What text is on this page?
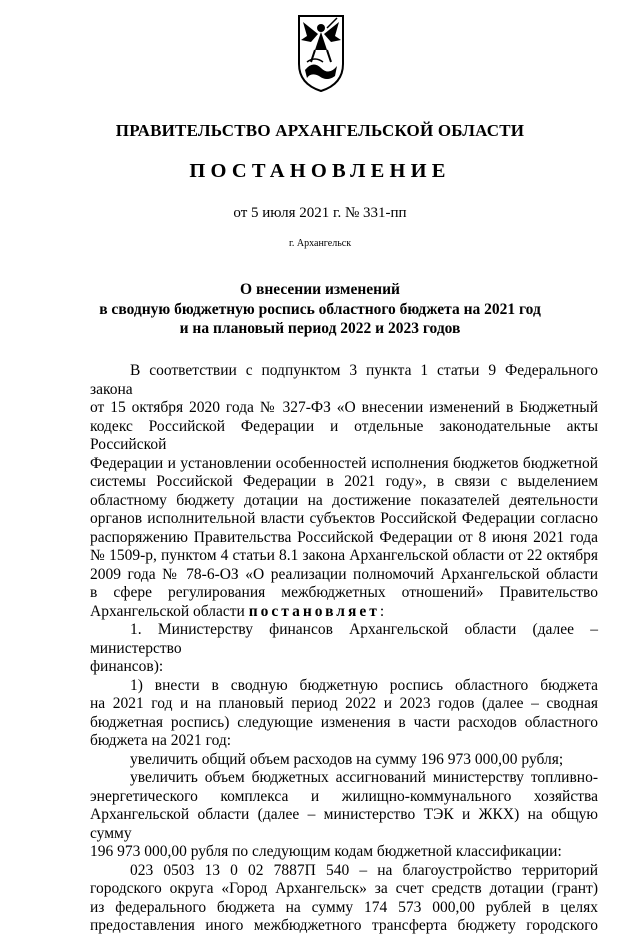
ПРАВИТЕЛЬСТВО АРХАНГЕЛЬСКОЙ ОБЛАСТИ
ПОСТАНОВЛЕНИЕ
от 5 июля 2021 г. № 331-пп
г. Архангельск
О внесении изменений
в сводную бюджетную роспись областного бюджета на 2021 год
и на плановый период 2022 и 2023 годов

В соответствии с подпунктом 3 пункта 1 статьи 9 Федерального закона

от 15 октября 2020 года № 327-ФЗ «О внесении изменений в Бюджетный

кодекс Российской Федерации и отдельные законодательные акты Российской

Федерации и установлении особенностей исполнения бюджетов бюджетной

системы Российской Федерации в 2021 году», в связи с выделением

областному бюджету дотации на достижение показателей деятельности

органов исполнительной власти субъектов Российской Федерации согласно

распоряжению Правительства Российской Федерации от 8 июня 2021 года

№ 1509-р, пунктом 4 статьи 8.1 закона Архангельской области от 22 октября

2009 года № 78-6-ОЗ «О реализации полномочий Архангельской области

в сфере регулирования межбюджетных отношений» Правительство

Архангельской области постановляет:

1. Министерству финансов Архангельской области (далее – министерство

финансов):

1) внести в сводную бюджетную роспись областного бюджета

на 2021 год и на плановый период 2022 и 2023 годов (далее – сводная

бюджетная роспись) следующие изменения в части расходов областного

бюджета на 2021 год:

увеличить общий объем расходов на сумму 196 973 000,00 рубля;

увеличить объем бюджетных ассигнований министерству топливно-

энергетического комплекса и жилищно-коммунального хозяйства

Архангельской области (далее – министерство ТЭК и ЖКХ) на общую сумму

196 973 000,00 рубля по следующим кодам бюджетной классификации:

023 0503 13 0 02 7887П 540 – на благоустройство территорий

городского округа «Город Архангельск» за счет средств дотации (грант)

из федерального бюджета на сумму 174 573 000,00 рублей в целях

предоставления иного межбюджетного трансферта бюджету городского
